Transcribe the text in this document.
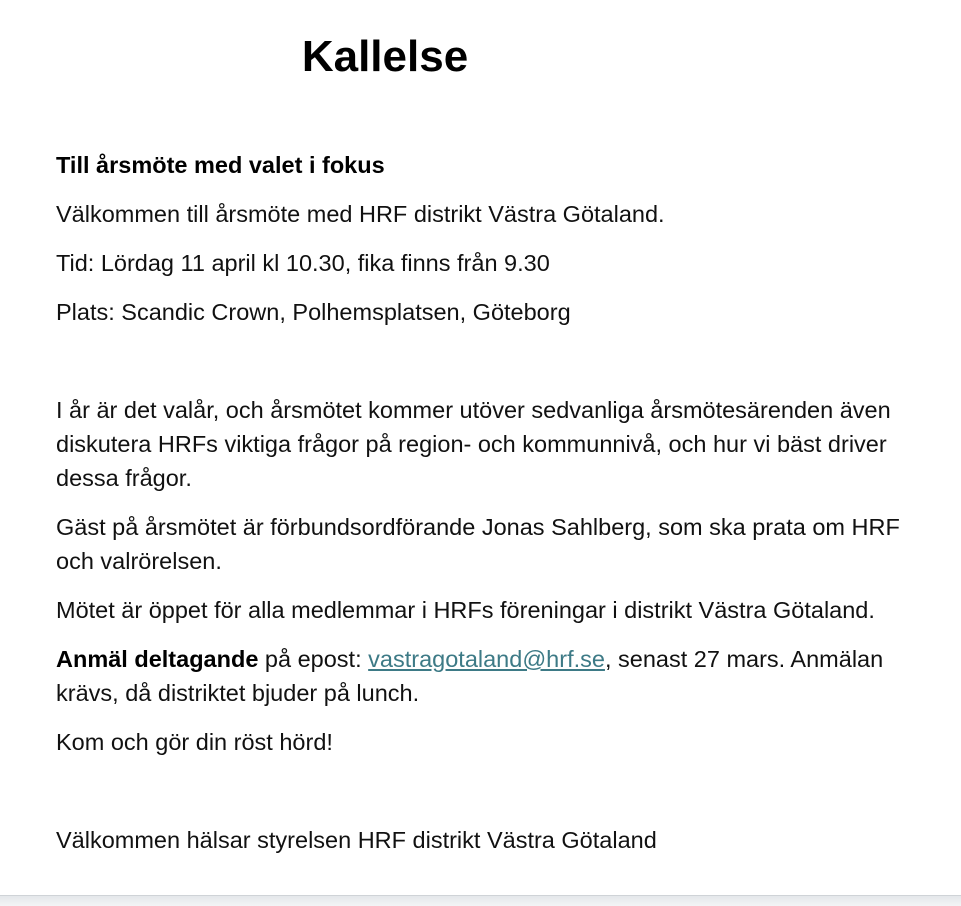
Kallelse

Till årsmöte med valet i fokus

Välkommen till årsmöte med HRF distrikt Västra Götaland.

Tid: Lördag 11 april kl 10.30, fika finns från 9.30

Plats: Scandic Crown, Polhemsplatsen, Göteborg

I år är det valår, och årsmötet kommer utöver sedvanliga årsmötesärenden även diskutera HRFs viktiga frågor på region- och kommunnivå, och hur vi bäst driver dessa frågor.

Gäst på årsmötet är förbundsordförande Jonas Sahlberg, som ska prata om HRF och valrörelsen.

Mötet är öppet för alla medlemmar i HRFs föreningar i distrikt Västra Götaland.

Anmäl deltagande på epost: vastragotaland@hrf.se, senast 27 mars. Anmälan krävs, då distriktet bjuder på lunch.

Kom och gör din röst hörd!

Välkommen hälsar styrelsen HRF distrikt Västra Götaland
